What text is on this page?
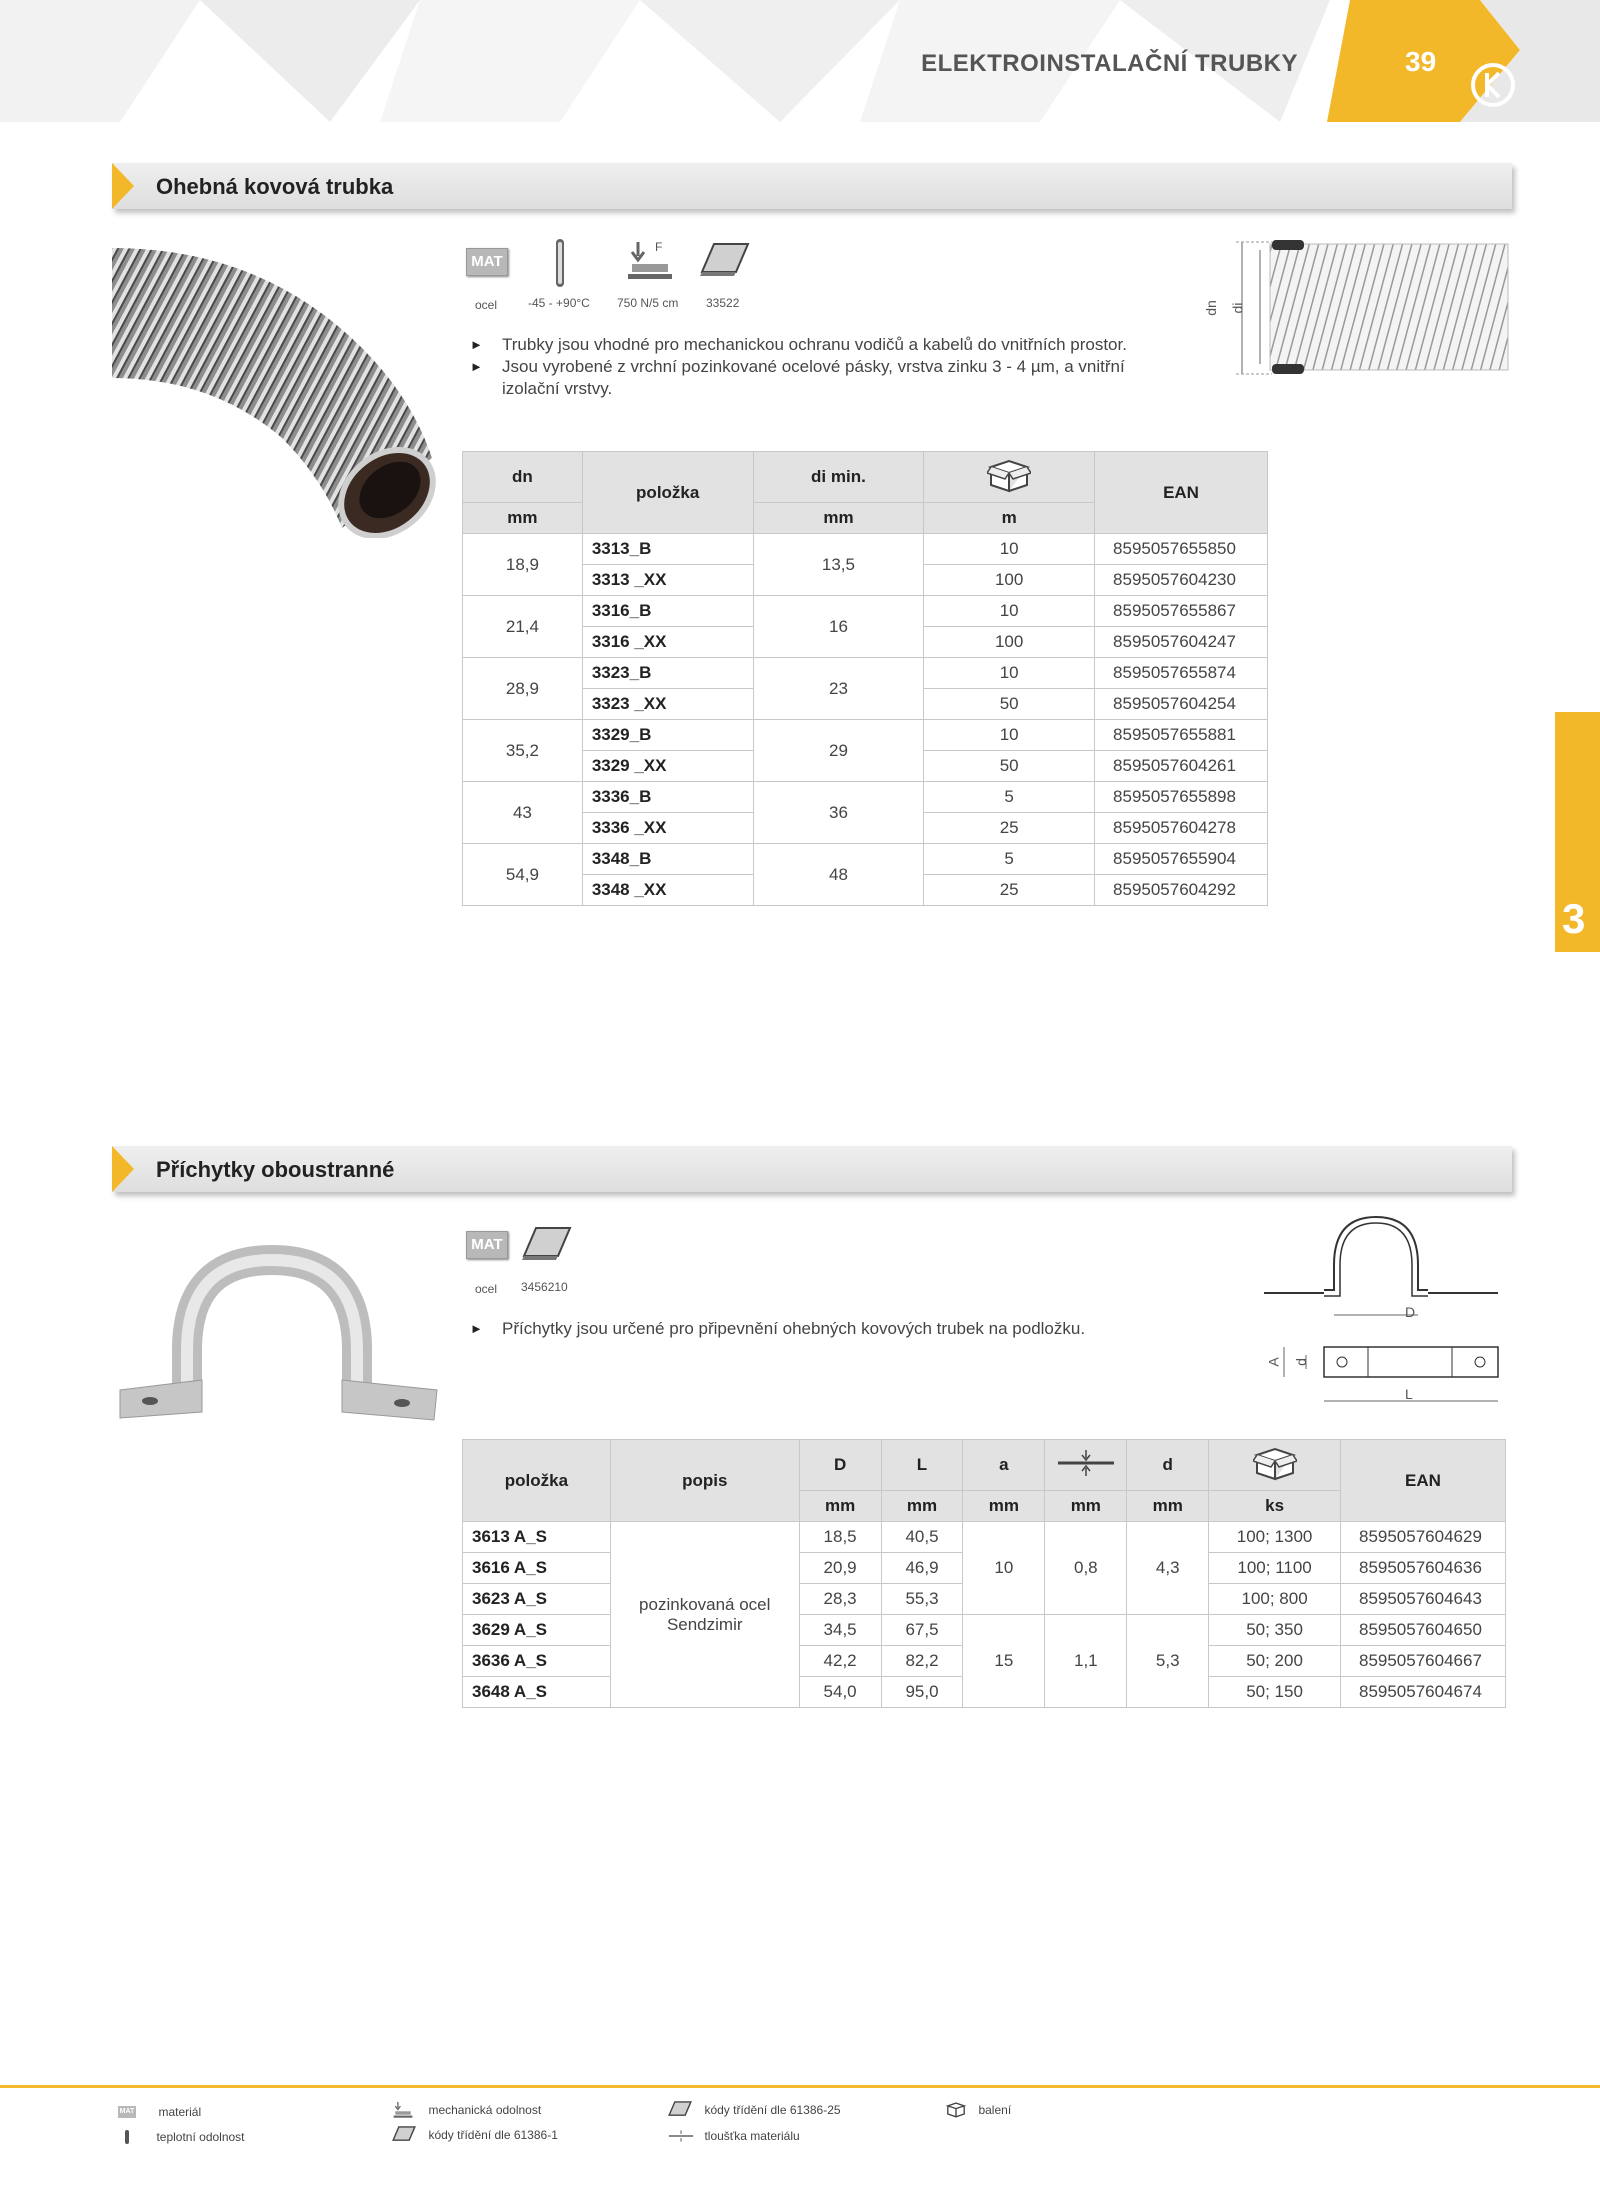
ELEKTROINSTALAČNÍ TRUBKY	39
Ohebná kovová trubka
MAT
ocel	-45 - +90°C
F
750 N/5 cm 33522
►	Trubky jsou vhodné pro mechanickou ochranu vodičů a kabelů do vnitřních prostor.
►	Jsou vyrobené z vrchní pozinkované ocelové pásky, vrstva zinku 3 - 4 µm, a vnitřní izolační vrstvy.
dn di
dn	položka	di min.		EAN
mm		mm	m	
18,9	3313_B	13,5	10	8595057655850
	3313 _XX		100	8595057604230
21,4	3316_B	16	10	8595057655867
	3316 _XX		100	8595057604247
28,9	3323_B	23	10	8595057655874
	3323 _XX		50	8595057604254
35,2	3329_B	29	10	8595057655881
	3329 _XX		50	8595057604261
43	3336_B	36	5	8595057655898
	3336 _XX		25	8595057604278
54,9	3348_B	48	5	8595057655904
	3348 _XX		25	8595057604292
3
Příchytky oboustranné
MAT
ocel 3456210
►	Příchytky jsou určené pro připevnění ohebných kovových trubek na podložku.
D
A d
L
položka	popis	D	L	a		d		EAN
		mm	mm	mm	mm	mm	ks	
3613 A_S	pozinkovaná ocel Sendzimir	18,5	40,5	10	0,8	4,3	100; 1300	8595057604629
3616 A_S		20,9	46,9				100; 1100	8595057604636
3623 A_S		28,3	55,3				100; 800	8595057604643
3629 A_S		34,5	67,5	15	1,1	5,3	50; 350	8595057604650
3636 A_S		42,2	82,2				50; 200	8595057604667
3648 A_S		54,0	95,0				50; 150	8595057604674
MAT materiál
teplotní odolnost
mechanická odolnost
kódy třídění dle 61386-1
kódy třídění dle 61386-25
tloušťka materiálu
balení
